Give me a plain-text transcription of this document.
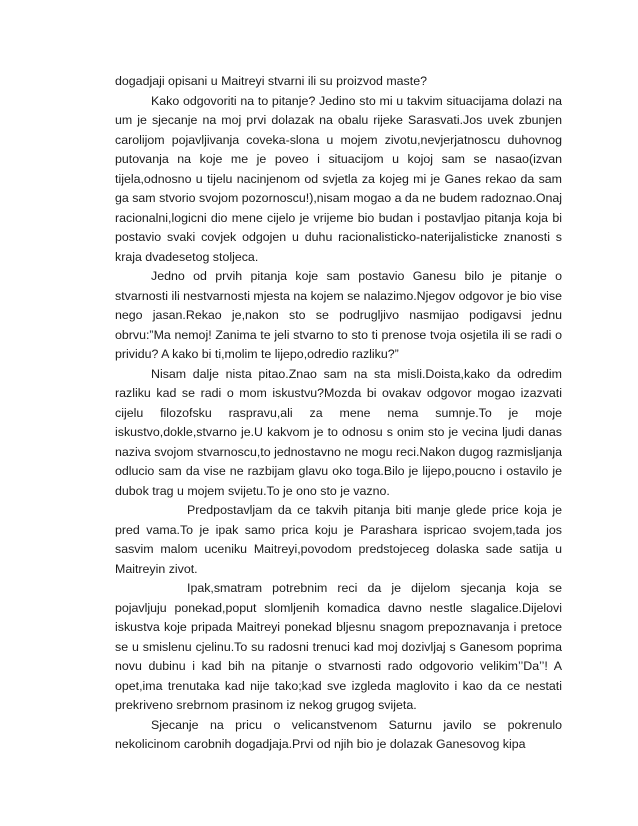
dogadjaji opisani u Maitreyi stvarni ili su proizvod maste?

Kako odgovoriti na to pitanje? Jedino sto mi u takvim situacijama dolazi na um je sjecanje na moj prvi dolazak na obalu rijeke Sarasvati.Jos uvek zbunjen carolijom pojavljivanja coveka-slona u mojem zivotu,nevjerjatnoscu duhovnog putovanja na koje me je poveo i situacijom u kojoj sam se nasao(izvan tijela,odnosno u tijelu nacinjenom od svjetla za kojeg mi je Ganes rekao da sam ga sam stvorio svojom pozornoscu!),nisam mogao a da ne budem radoznao.Onaj racionalni,logicni dio mene cijelo je vrijeme bio budan i postavljao pitanja koja bi postavio svaki covjek odgojen u duhu racionalisticko-naterijalisticke znanosti s kraja dvadesetog stoljeca.

Jedno od prvih pitanja koje sam postavio Ganesu bilo je pitanje o stvarnosti ili nestvarnosti mjesta na kojem se nalazimo.Njegov odgovor je bio vise nego jasan.Rekao je,nakon sto se podrugljivo nasmijao podigavsi jednu obrvu:”Ma nemoj! Zanima te jeli stvarno to sto ti prenose tvoja osjetila ili se radi o prividu? A kako bi ti,molim te lijepo,odredio razliku?”

Nisam dalje nista pitao.Znao sam na sta misli.Doista,kako da odredim razliku kad se radi o mom iskustvu?Mozda bi ovakav odgovor mogao izazvati cijelu filozofsku raspravu,ali za mene nema sumnje.To je moje iskustvo,dokle,stvarno je.U kakvom je to odnosu s onim sto je vecina ljudi danas naziva svojom stvarnoscu,to jednostavno ne mogu reci.Nakon dugog razmisljanja odlucio sam da vise ne razbijam glavu oko toga.Bilo je lijepo,poucno i ostavilo je dubok trag u mojem svijetu.To je ono sto je vazno.

Predpostavljam da ce takvih pitanja biti manje glede price koja je pred vama.To je ipak samo prica koju je Parashara ispricao svojem,tada jos sasvim malom uceniku Maitreyi,povodom predstojeceg dolaska sade satija u Maitreyin zivot.

Ipak,smatram potrebnim reci da je dijelom sjecanja koja se pojavljuju ponekad,poput slomljenih komadica davno nestle slagalice.Dijelovi iskustva koje pripada Maitreyi ponekad bljesnu snagom prepoznavanja i pretoce se u smislenu cjelinu.To su radosni trenuci kad moj dozivljaj s Ganesom poprima novu dubinu i kad bih na pitanje o stvarnosti rado odgovorio velikim’’Da’’! A opet,ima trenutaka kad nije tako;kad sve izgleda maglovito i kao da ce nestati prekriveno srebrnom prasinom iz nekog grugog svijeta.

Sjecanje na pricu o velicanstvenom Saturnu javilo se pokrenulo nekolicinom carobnih dogadjaja.Prvi od njih bio je dolazak Ganesovog kipa
